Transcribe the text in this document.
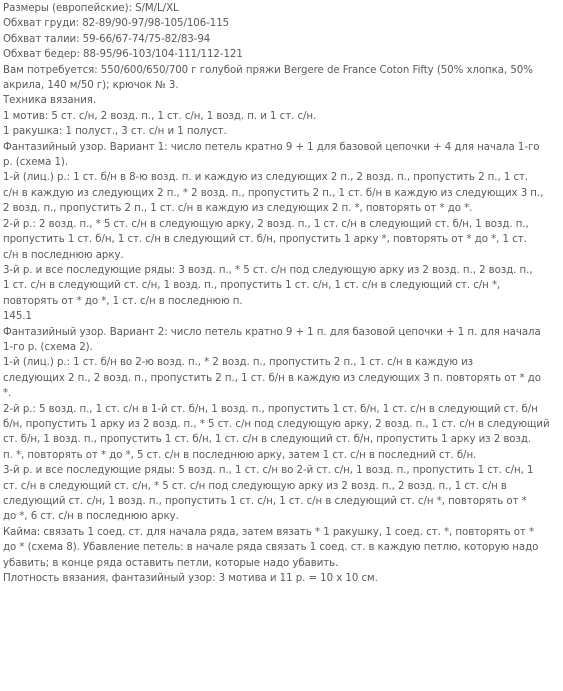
Размеры (европейские): S/M/L/XL
Обхват груди: 82-89/90-97/98-105/106-115
Обхват талии: 59-66/67-74/75-82/83-94
Обхват бедер: 88-95/96-103/104-111/112-121
Вам потребуется: 550/600/650/700 г голубой пряжи Bergere de France Coton Fifty (50% хлопка, 50%
акрила, 140 м/50 г); крючок № 3.
Техника вязания.
1 мотив: 5 ст. с/н, 2 возд. п., 1 ст. с/н, 1 возд. п. и 1 ст. с/н.
1 ракушка: 1 полуст., 3 ст. с/н и 1 полуст.
Фантазийный узор. Вариант 1: число петель кратно 9 + 1 для базовой цепочки + 4 для начала 1-го
р. (схема 1).
1-й (лиц.) р.: 1 ст. б/н в 8-ю возд. п. и каждую из следующих 2 п., 2 возд. п., пропустить 2 п., 1 ст.
с/н в каждую из следующих 2 п., * 2 возд. п., пропустить 2 п., 1 ст. б/н в каждую из следующих 3 п.,
2 возд. п., пропустить 2 п., 1 ст. с/н в каждую из следующих 2 п. *, повторять от * до *.
2-й р.: 2 возд. п., * 5 ст. с/н в следующую арку, 2 возд. п., 1 ст. с/н в следующий ст. б/н, 1 возд. п.,
пропустить 1 ст. б/н, 1 ст. с/н в следующий ст. б/н, пропустить 1 арку *, повторять от * до *, 1 ст.
с/н в последнюю арку.
3-й р. и все последующие ряды: 3 возд. п., * 5 ст. с/н под следующую арку из 2 возд. п., 2 возд. п.,
1 ст. с/н в следующий ст. с/н, 1 возд. п., пропустить 1 ст. с/н, 1 ст. с/н в следующий ст. с/н *,
повторять от * до *, 1 ст. с/н в последнюю п.
145.1
Фантазийный узор. Вариант 2: число петель кратно 9 + 1 п. для базовой цепочки + 1 п. для начала
1-го р. (схема 2).
1-й (лиц.) р.: 1 ст. б/н во 2-ю возд. п., * 2 возд. п., пропустить 2 п., 1 ст. с/н в каждую из
следующих 2 п., 2 возд. п., пропустить 2 п., 1 ст. б/н в каждую из следующих 3 п. повторять от * до
*.
2-й р.: 5 возд. п., 1 ст. с/н в 1-й ст. б/н, 1 возд. п., пропустить 1 ст. б/н, 1 ст. с/н в следующий ст. б/н
б/н, пропустить 1 арку из 2 возд. п., * 5 ст. с/н под следующую арку, 2 возд. п., 1 ст. с/н в следующий
ст. б/н, 1 возд. п., пропустить 1 ст. б/н, 1 ст. с/н в следующий ст. б/н, пропустить 1 арку из 2 возд.
п. *, повторять от * до *, 5 ст. с/н в последнюю арку, затем 1 ст. с/н в последний ст. б/н.
3-й р. и все последующие ряды: 5 возд. п., 1 ст. с/н во 2-й ст. с/н, 1 возд. п., пропустить 1 ст. с/н, 1
ст. с/н в следующий ст. с/н, * 5 ст. с/н под следующую арку из 2 возд. п., 2 возд. п., 1 ст. с/н в
следующий ст. с/н, 1 возд. п., пропустить 1 ст. с/н, 1 ст. с/н в следующий ст. с/н *, повторять от *
до *, 6 ст. с/н в последнюю арку.
Кайма: связать 1 соед. ст. для начала ряда, затем вязать * 1 ракушку, 1 соед. ст. *, повторять от *
до * (схема 8). Убавление петель: в начале ряда связать 1 соед. ст. в каждую петлю, которую надо
убавить; в конце ряда оставить петли, которые надо убавить.
Плотность вязания, фантазийный узор: 3 мотива и 11 р. = 10 х 10 см.
